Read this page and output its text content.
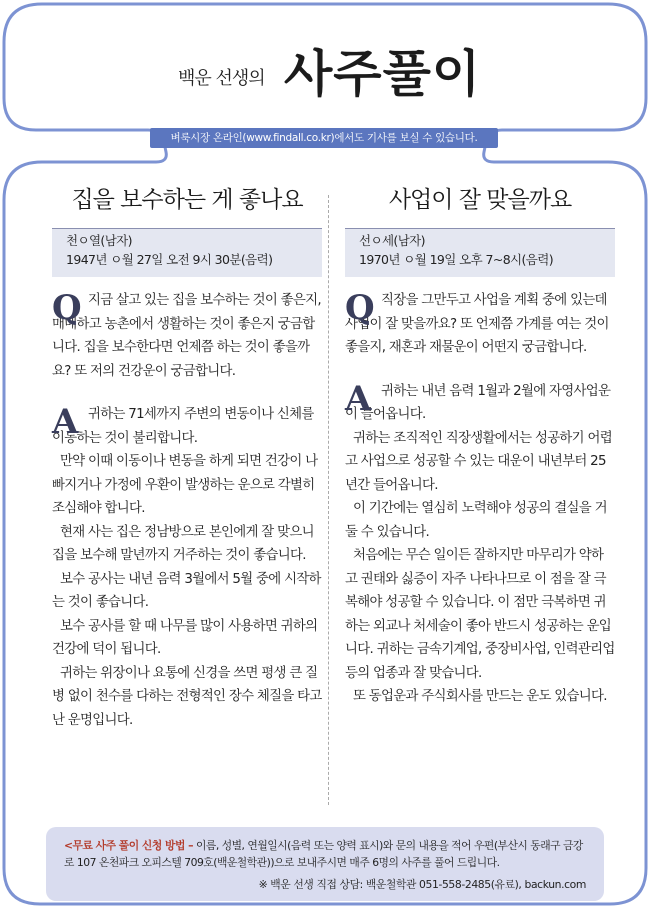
백운 선생의 사주풀이
벼룩시장 온라인(www.findall.co.kr)에서도 기사를 보실 수 있습니다.
집을 보수하는 게 좋나요
천ㅇ열(남자)
1947년 ㅇ월 27일 오전 9시 30분(음력)
Q 지금 살고 있는 집을 보수하는 것이 좋은지, 매매하고 농촌에서 생활하는 것이 좋은지 궁금합니다. 집을 보수한다면 언제쯤 하는 것이 좋을까요? 또 저의 건강운이 궁금합니다.

A 귀하는 71세까지 주변의 변동이나 신체를 이동하는 것이 불리합니다.

만약 이때 이동이나 변동을 하게 되면 건강이 나빠지거나 가정에 우환이 발생하는 운으로 각별히 조심해야 합니다.

현재 사는 집은 정남방으로 본인에게 잘 맞으니 집을 보수해 말년까지 거주하는 것이 좋습니다.

보수 공사는 내년 음력 3월에서 5월 중에 시작하는 것이 좋습니다.

보수 공사를 할 때 나무를 많이 사용하면 귀하의 건강에 덕이 됩니다.

귀하는 위장이나 요통에 신경을 쓰면 평생 큰 질병 없이 천수를 다하는 전형적인 장수 체질을 타고난 운명입니다.

사업이 잘 맞을까요
선ㅇ세(남자)
1970년 ㅇ월 19일 오후 7~8시(음력)
Q 직장을 그만두고 사업을 계획 중에 있는데 사업이 잘 맞을까요? 또 언제쯤 가계를 여는 것이 좋을지, 재혼과 재물운이 어떤지 궁금합니다.

A 귀하는 내년 음력 1월과 2월에 자영사업운이 들어옵니다.

귀하는 조직적인 직장생활에서는 성공하기 어렵고 사업으로 성공할 수 있는 대운이 내년부터 25년간 들어옵니다.

이 기간에는 열심히 노력해야 성공의 결실을 거둘 수 있습니다.

처음에는 무슨 일이든 잘하지만 마무리가 약하고 권태와 싫증이 자주 나타나므로 이 점을 잘 극복해야 성공할 수 있습니다. 이 점만 극복하면 귀하는 외교나 처세술이 좋아 반드시 성공하는 운입니다. 귀하는 금속기계업, 중장비사업, 인력관리업 등의 업종과 잘 맞습니다.

또 동업운과 주식회사를 만드는 운도 있습니다.

<무료 사주 풀이 신청 방법 – 이름, 성별, 연월일시(음력 또는 양력 표시)와 문의 내용을 적어 우편(부산시 동래구 금강로 107 온천파크 오피스텔 709호(백운철학관))으로 보내주시면 매주 6명의 사주를 풀어 드립니다.
※ 백운 선생 직접 상담: 백운철학관 051-558-2485(유료), backun.com
